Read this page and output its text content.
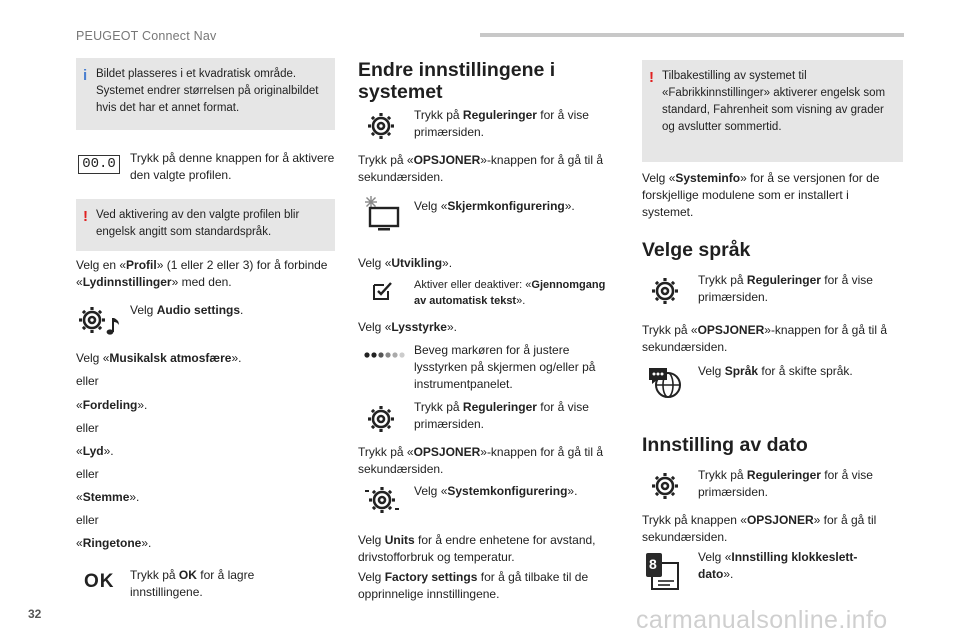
PEUGEOT Connect Nav
i Bildet plasseres i et kvadratisk område. Systemet endrer størrelsen på originalbildet hvis det har et annet format.
00.0	Trykk på denne knappen for å aktivere den valgte profilen.
! Ved aktivering av den valgte profilen blir engelsk angitt som standardspråk.
Velg en «Profil» (1 eller 2 eller 3) for å forbinde «Lydinnstillinger» med den.
Velg Audio settings.
Velg «Musikalsk atmosfære».
eller
«Fordeling».
eller
«Lyd».
eller
«Stemme».
eller
«Ringetone».
OK Trykk på OK for å lagre innstillingene.
Endre innstillingene i systemet
Trykk på Reguleringer for å vise primærsiden.
Trykk på «OPSJONER»-knappen for å gå til å sekundærsiden.
Velg «Skjermkonfigurering».
Velg «Utvikling».
Aktiver eller deaktiver: «Gjennomgang av automatisk tekst».
Velg «Lysstyrke».
Beveg markøren for å justere lysstyrken på skjermen og/eller på instrumentpanelet.
Trykk på Reguleringer for å vise primærsiden.
Trykk på «OPSJONER»-knappen for å gå til å sekundærsiden.
Velg «Systemkonfigurering».
Velg Units for å endre enhetene for avstand, drivstofforbruk og temperatur.
Velg Factory settings for å gå tilbake til de opprinnelige innstillingene.
! Tilbakestilling av systemet til «Fabrikkinnstillinger» aktiverer engelsk som standard, Fahrenheit som visning av grader og avslutter sommertid.
Velg «Systeminfo» for å se versjonen for de forskjellige modulene som er installert i systemet.
Velge språk
Trykk på Reguleringer for å vise primærsiden.
Trykk på «OPSJONER»-knappen for å gå til å sekundærsiden.
Velg Språk for å skifte språk.
Innstilling av dato
Trykk på Reguleringer for å vise primærsiden.
Trykk på knappen «OPSJONER» for å gå til sekundærsiden.
8	Velg «Innstilling klokkeslett-dato».
32	carmanualsonline.info
